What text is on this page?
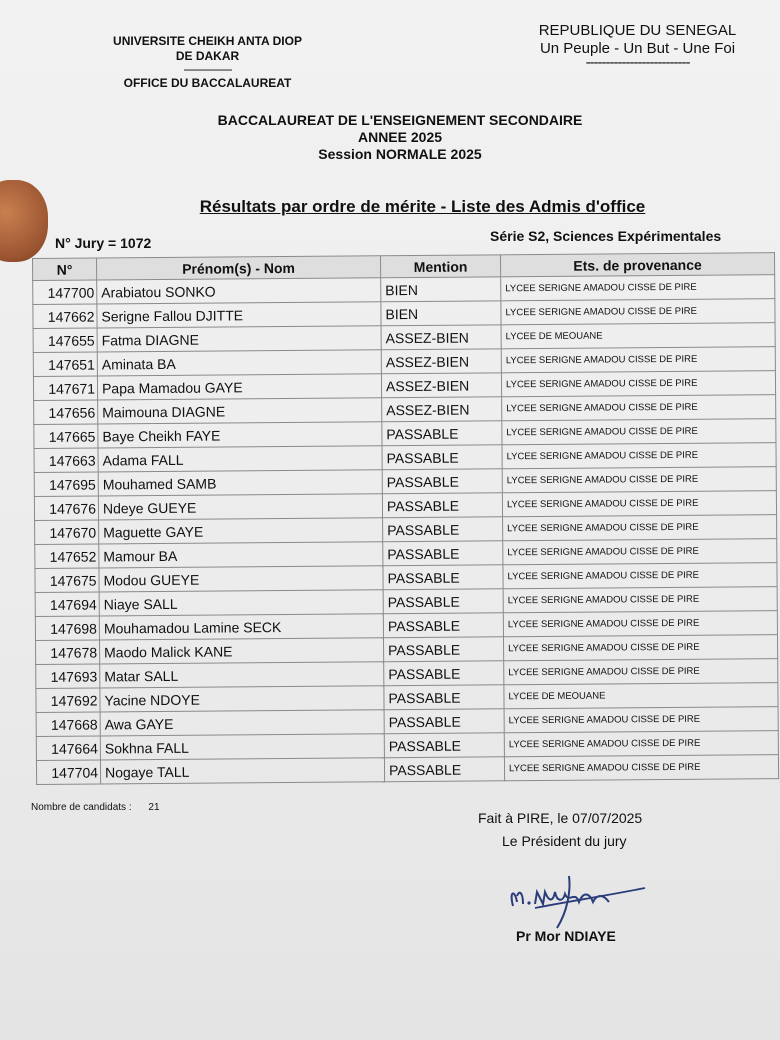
UNIVERSITE CHEIKH ANTA DIOP
DE DAKAR
----------------
OFFICE DU BACCALAUREAT
REPUBLIQUE DU SENEGAL
Un Peuple - Un But - Une Foi
--------------------------
BACCALAUREAT DE L'ENSEIGNEMENT SECONDAIRE
ANNEE 2025
Session NORMALE 2025
Résultats par ordre de mérite - Liste des Admis d'office
N° Jury = 1072	Série S2, Sciences Expérimentales
N°	Prénom(s) - Nom	Mention	Ets. de provenance
147700	Arabiatou SONKO	BIEN	LYCEE SERIGNE AMADOU CISSE DE PIRE
147662	Serigne Fallou DJITTE	BIEN	LYCEE SERIGNE AMADOU CISSE DE PIRE
147655	Fatma DIAGNE	ASSEZ-BIEN	LYCEE DE MEOUANE
147651	Aminata BA	ASSEZ-BIEN	LYCEE SERIGNE AMADOU CISSE DE PIRE
147671	Papa Mamadou GAYE	ASSEZ-BIEN	LYCEE SERIGNE AMADOU CISSE DE PIRE
147656	Maimouna DIAGNE	ASSEZ-BIEN	LYCEE SERIGNE AMADOU CISSE DE PIRE
147665	Baye Cheikh FAYE	PASSABLE	LYCEE SERIGNE AMADOU CISSE DE PIRE
147663	Adama FALL	PASSABLE	LYCEE SERIGNE AMADOU CISSE DE PIRE
147695	Mouhamed SAMB	PASSABLE	LYCEE SERIGNE AMADOU CISSE DE PIRE
147676	Ndeye GUEYE	PASSABLE	LYCEE SERIGNE AMADOU CISSE DE PIRE
147670	Maguette GAYE	PASSABLE	LYCEE SERIGNE AMADOU CISSE DE PIRE
147652	Mamour BA	PASSABLE	LYCEE SERIGNE AMADOU CISSE DE PIRE
147675	Modou GUEYE	PASSABLE	LYCEE SERIGNE AMADOU CISSE DE PIRE
147694	Niaye SALL	PASSABLE	LYCEE SERIGNE AMADOU CISSE DE PIRE
147698	Mouhamadou Lamine SECK	PASSABLE	LYCEE SERIGNE AMADOU CISSE DE PIRE
147678	Maodo Malick KANE	PASSABLE	LYCEE SERIGNE AMADOU CISSE DE PIRE
147693	Matar SALL	PASSABLE	LYCEE SERIGNE AMADOU CISSE DE PIRE
147692	Yacine NDOYE	PASSABLE	LYCEE DE MEOUANE
147668	Awa GAYE	PASSABLE	LYCEE SERIGNE AMADOU CISSE DE PIRE
147664	Sokhna FALL	PASSABLE	LYCEE SERIGNE AMADOU CISSE DE PIRE
147704	Nogaye TALL	PASSABLE	LYCEE SERIGNE AMADOU CISSE DE PIRE
Nombre de candidats : 21
Fait à PIRE, le 07/07/2025
Le Président du jury
Pr Mor NDIAYE
